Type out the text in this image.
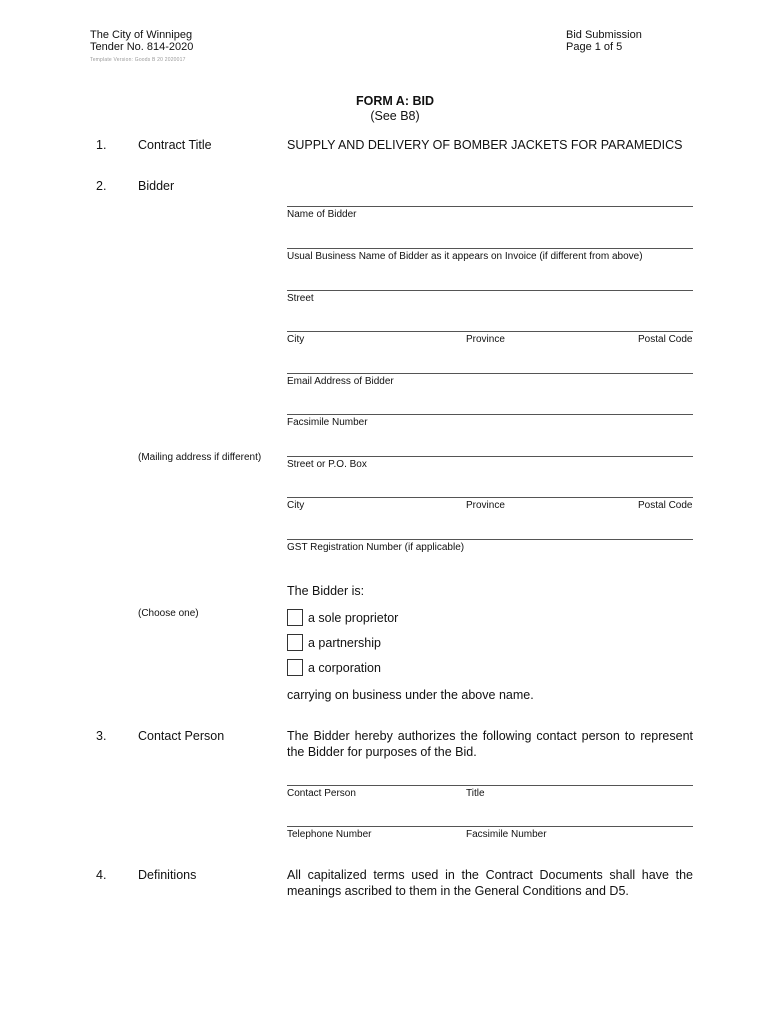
The City of Winnipeg
Tender No. 814-2020
Template Version: Goods B 20 2020017
Bid Submission
Page 1 of 5
FORM A: BID
(See B8)
1.	Contract Title	SUPPLY AND DELIVERY OF BOMBER JACKETS FOR PARAMEDICS
2.	Bidder
Name of Bidder
Usual Business Name of Bidder as it appears on Invoice (if different from above)
Street
City	Province	Postal Code
Email Address of Bidder
Facsimile Number
(Mailing address if different)
Street or P.O. Box
City	Province	Postal Code
GST Registration Number (if applicable)
The Bidder is:
(Choose one)	a sole proprietor
a partnership
a corporation
carrying on business under the above name.
3.	Contact Person	The Bidder hereby authorizes the following contact person to represent the Bidder for purposes of the Bid.
Contact Person	Title
Telephone Number	Facsimile Number
4.	Definitions	All capitalized terms used in the Contract Documents shall have the meanings ascribed to them in the General Conditions and D5.
